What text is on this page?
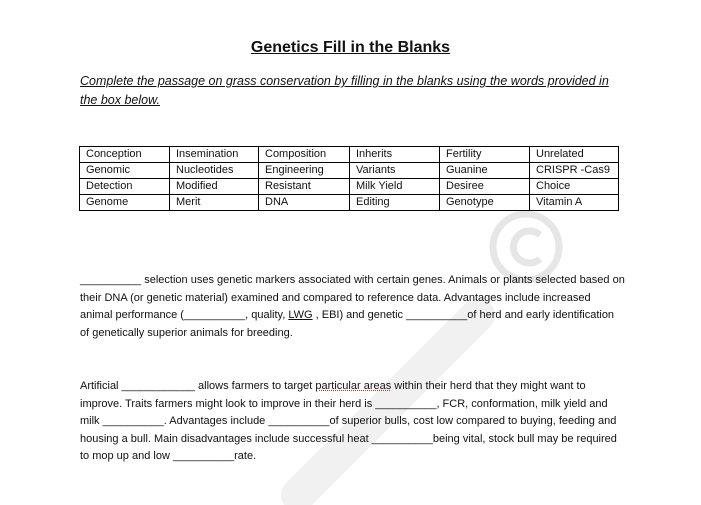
Genetics Fill in the Blanks
Complete the passage on grass conservation by filling in the blanks using the words provided in the box below.
Conception	Insemination	Composition	Inherits	Fertility	Unrelated
Genomic	Nucleotides	Engineering	Variants	Guanine	CRISPR -Cas9
Detection	Modified	Resistant	Milk Yield	Desiree	Choice
Genome	Merit	DNA	Editing	Genotype	Vitamin A
__________ selection uses genetic markers associated with certain genes. Animals or plants selected based on their DNA (or genetic material) examined and compared to reference data. Advantages include increased animal performance (__________, quality, LWG , EBI) and genetic __________of herd and early identification of genetically superior animals for breeding.
Artificial ____________ allows farmers to target particular areas within their herd that they might want to improve. Traits farmers might look to improve in their herd is __________, FCR, conformation, milk yield and milk __________. Advantages include __________of superior bulls, cost low compared to buying, feeding and housing a bull. Main disadvantages include successful heat __________being vital, stock bull may be required to mop up and low __________rate.
